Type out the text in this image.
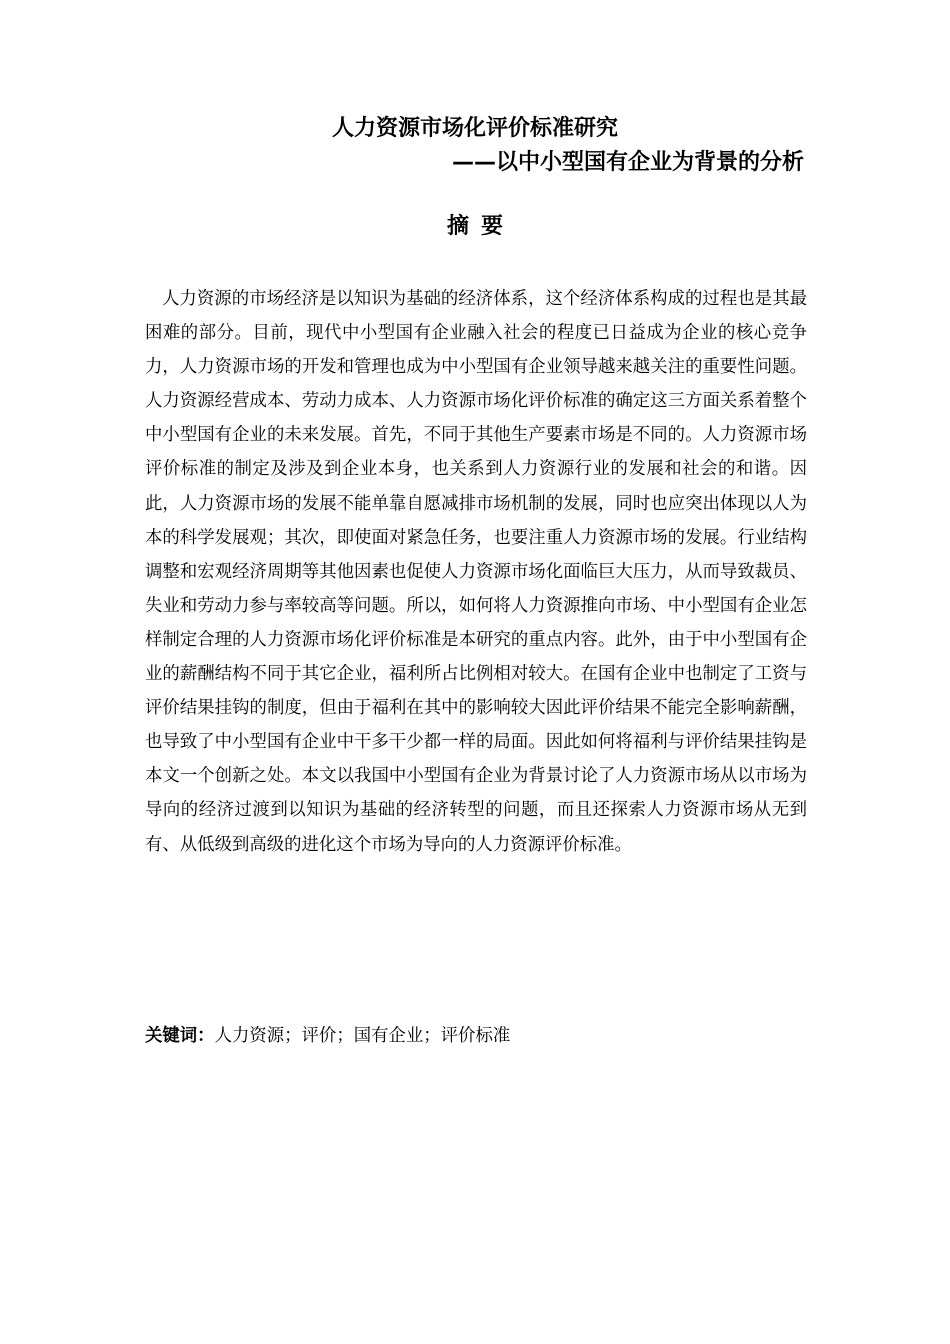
人力资源市场化评价标准研究
——以中小型国有企业为背景的分析
摘要

人力资源的市场经济是以知识为基础的经济体系，这个经济体系构成的过程也是其最困难的部分。目前，现代中小型国有企业融入社会的程度已日益成为企业的核心竞争力，人力资源市场的开发和管理也成为中小型国有企业领导越来越关注的重要性问题。人力资源经营成本、劳动力成本、人力资源市场化评价标准的确定这三方面关系着整个中小型国有企业的未来发展。首先，不同于其他生产要素市场是不同的。人力资源市场评价标准的制定及涉及到企业本身，也关系到人力资源行业的发展和社会的和谐。因此，人力资源市场的发展不能单靠自愿减排市场机制的发展，同时也应突出体现以人为本的科学发展观；其次，即使面对紧急任务，也要注重人力资源市场的发展。行业结构调整和宏观经济周期等其他因素也促使人力资源市场化面临巨大压力，从而导致裁员、失业和劳动力参与率较高等问题。所以，如何将人力资源推向市场、中小型国有企业怎样制定合理的人力资源市场化评价标准是本研究的重点内容。此外，由于中小型国有企业的薪酬结构不同于其它企业，福利所占比例相对较大。在国有企业中也制定了工资与评价结果挂钩的制度，但由于福利在其中的影响较大因此评价结果不能完全影响薪酬，也导致了中小型国有企业中干多干少都一样的局面。因此如何将福利与评价结果挂钩是本文一个创新之处。本文以我国中小型国有企业为背景讨论了人力资源市场从以市场为导向的经济过渡到以知识为基础的经济转型的问题，而且还探索人力资源市场从无到有、从低级到高级的进化这个市场为导向的人力资源评价标准。

关键词：人力资源；评价；国有企业；评价标准
